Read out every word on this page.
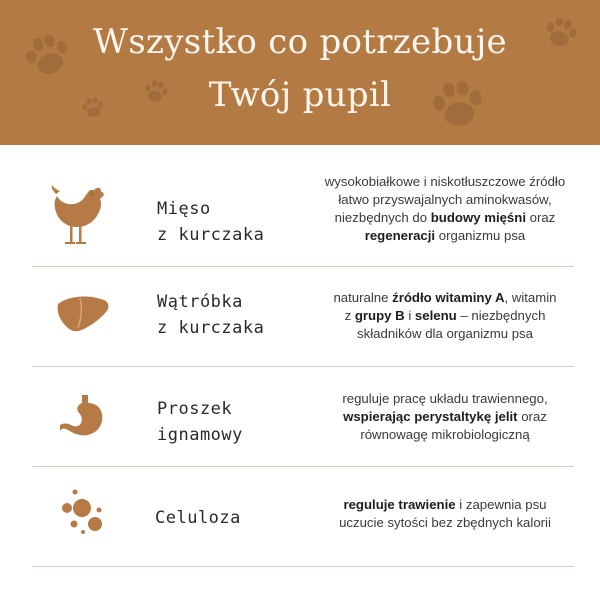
Wszystko co potrzebuje
Twój pupil
Mięso
z kurczaka
wysokobiałkowe i niskotłuszczowe źródło
łatwo przyswajalnych aminokwasów,
niezbędnych do budowy mięśni oraz
regeneracji organizmu psa
Wątróbka
z kurczaka
naturalne źródło witaminy A, witamin
z grupy B i selenu – niezbędnych
składników dla organizmu psa
Proszek
ignamowy
reguluje pracę układu trawiennego,
wspierając perystaltykę jelit oraz
równowagę mikrobiologiczną
Celuloza
reguluje trawienie i zapewnia psu
uczucie sytości bez zbędnych kalorii
